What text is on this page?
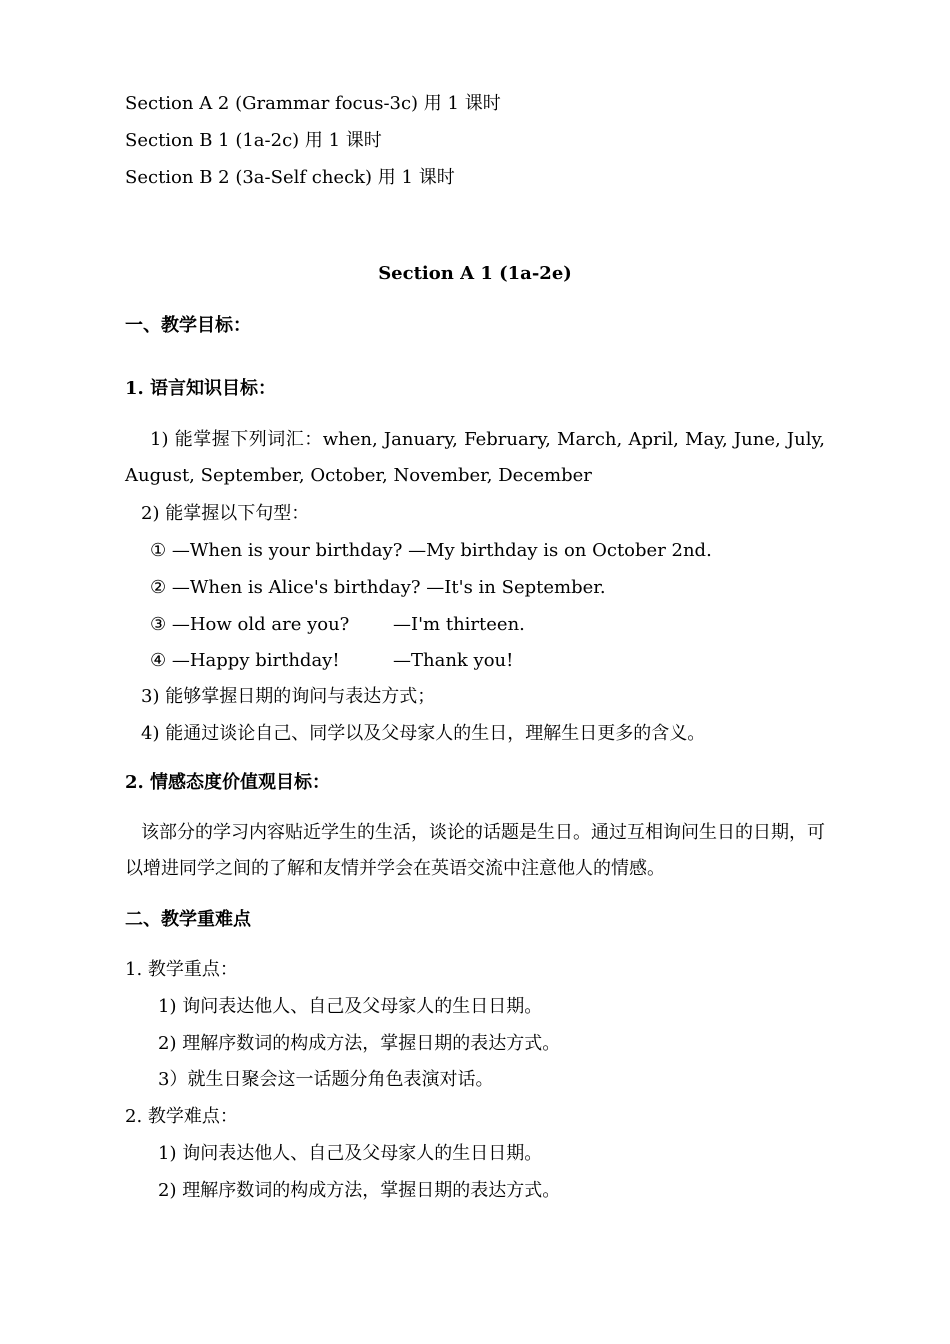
Section A 2 (Grammar focus-3c) 用 1 课时
Section B 1 (1a-2c) 用 1 课时
Section B 2 (3a-Self check) 用 1 课时
Section A 1 (1a-2e)
一、教学目标：
1. 语言知识目标：
1) 能掌握下列词汇：when, January, February, March, April, May, June, July, August, September, October, November, December
2) 能掌握以下句型：
① —When is your birthday? —My birthday is on October 2nd.
② —When is Alice's birthday? —It's in September.
③ —How old are you? —I'm thirteen.
④ —Happy birthday!	—Thank you!
3) 能够掌握日期的询问与表达方式；
4) 能通过谈论自己、同学以及父母家人的生日，理解生日更多的含义。
2. 情感态度价值观目标：
该部分的学习内容贴近学生的生活，谈论的话题是生日。通过互相询问生日的日期，可以增进同学之间的了解和友情并学会在英语交流中注意他人的情感。
二、教学重难点
1. 教学重点：
1) 询问表达他人、自己及父母家人的生日日期。
2) 理解序数词的构成方法，掌握日期的表达方式。
3）就生日聚会这一话题分角色表演对话。
2. 教学难点：
1) 询问表达他人、自己及父母家人的生日日期。
2) 理解序数词的构成方法，掌握日期的表达方式。
